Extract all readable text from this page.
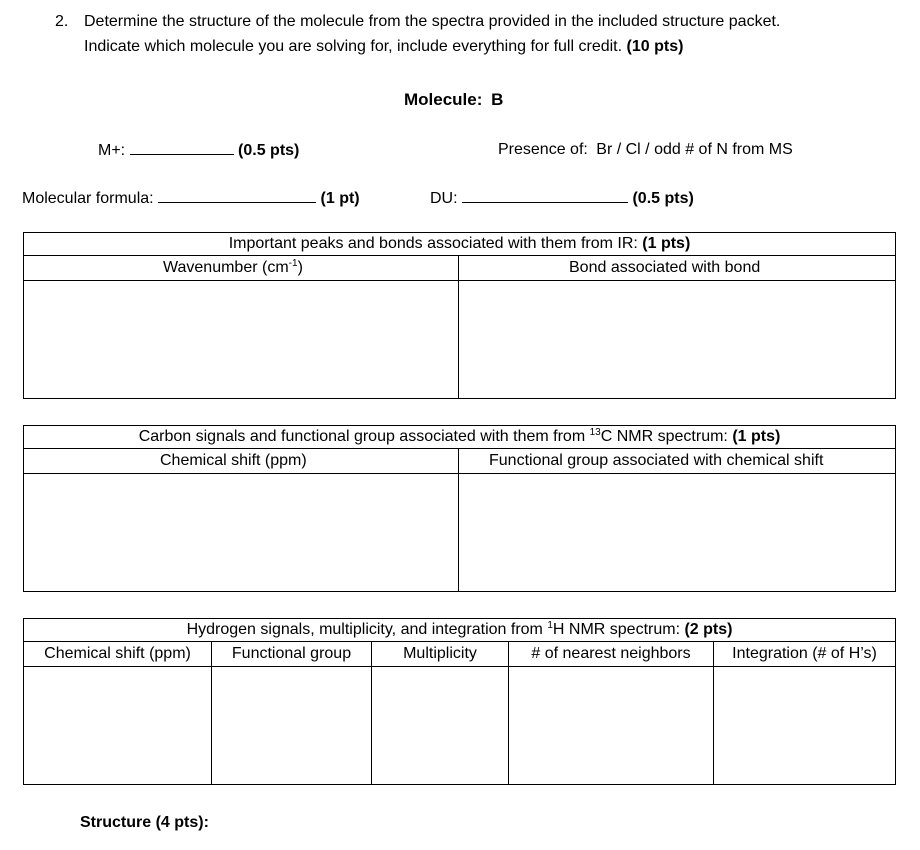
2. Determine the structure of the molecule from the spectra provided in the included structure packet.
Indicate which molecule you are solving for, include everything for full credit. (10 pts)
Molecule: B
M+:	(0.5 pts)	Presence of: Br / Cl / odd # of N from MS
Molecular formula:	(1 pt)	DU:	(0.5 pts)
Important peaks and bonds associated with them from IR: (1 pts)	
Wavenumber $(cm^{-1})$	Bond associated with bond

Carbon signals and functional group associated with them from $^{13}$C NMR spectrum: (1 pts)	
Chemical shift (ppm)	Functional group associated with chemical shift

Hydrogen signals, multiplicity, and integration from $^1$H NMR spectrum: (2 pts)				
Chemical shift (ppm)	Functional group	Multiplicity	# of nearest neighbors	Integration (# of H’s)

Structure (4 pts):
